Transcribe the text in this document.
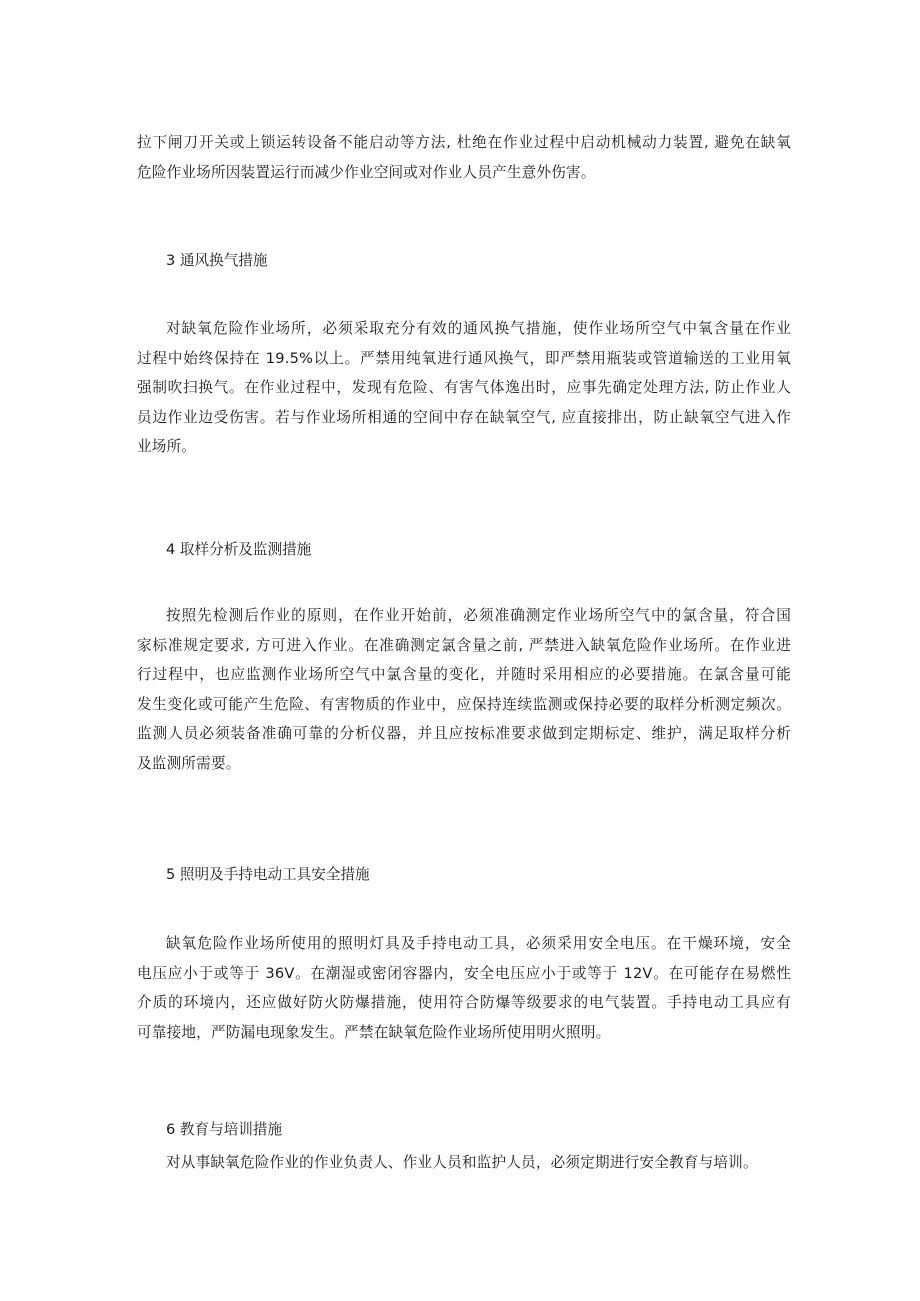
拉下闸刀开关或上锁运转设备不能启动等方法, 杜绝在作业过程中启动机械动力装置, 避免在缺氧
危险作业场所因装置运行而减少作业空间或对作业人员产生意外伤害。

3 通风换气措施

对缺氧危险作业场所，必须采取充分有效的通风换气措施，使作业场所空气中氧含量在作业
过程中始终保持在 19.5%以上。严禁用纯氧进行通风换气，即严禁用瓶装或管道输送的工业用氧
强制吹扫换气。在作业过程中，发现有危险、有害气体逸出时，应事先确定处理方法, 防止作业人
员边作业边受伤害。若与作业场所相通的空间中存在缺氧空气, 应直接排出，防止缺氧空气进入作
业场所。

4 取样分析及监测措施

按照先检测后作业的原则，在作业开始前，必须准确测定作业场所空气中的氯含量，符合国
家标准规定要求, 方可进入作业。在准确测定氯含量之前, 严禁进入缺氧危险作业场所。在作业进
行过程中，也应监测作业场所空气中氯含量的变化，并随时采用相应的必要措施。在氯含量可能
发生变化或可能产生危险、有害物质的作业中，应保持连续监测或保持必要的取样分析测定频次。
监测人员必须装备准确可靠的分析仪器，并且应按标准要求做到定期标定、维护，满足取样分析
及监测所需要。

5 照明及手持电动工具安全措施

缺氧危险作业场所使用的照明灯具及手持电动工具，必须采用安全电压。在干燥环境，安全
电压应小于或等于 36V。在潮湿或密闭容器内，安全电压应小于或等于 12V。在可能存在易燃性
介质的环境内，还应做好防火防爆措施，使用符合防爆等级要求的电气装置。手持电动工具应有
可靠接地，严防漏电现象发生。严禁在缺氧危险作业场所使用明火照明。

6 教育与培训措施

对从事缺氧危险作业的作业负责人、作业人员和监护人员，必须定期进行安全教育与培训。
